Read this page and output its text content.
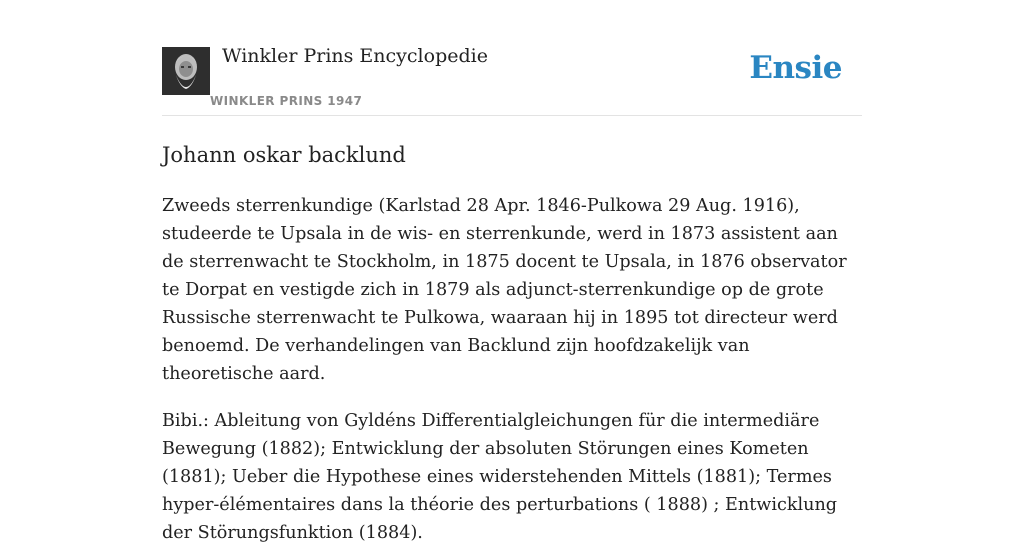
Winkler Prins Encyclopedie
WINKLER PRINS 1947
Ensie
Johann oskar backlund

Zweeds sterrenkundige (Karlstad 28 Apr. 1846-Pulkowa 29 Aug. 1916), studeerde te Upsala in de wis- en sterrenkunde, werd in 1873 assistent aan de sterrenwacht te Stockholm, in 1875 docent te Upsala, in 1876 observator te Dorpat en vestigde zich in 1879 als adjunct-sterrenkundige op de grote Russische sterrenwacht te Pulkowa, waaraan hij in 1895 tot directeur werd benoemd. De verhandelingen van Backlund zijn hoofdzakelijk van theoretische aard.

Bibi.: Ableitung von Gyldéns Differentialgleichungen für die intermediäre Bewegung (1882); Entwicklung der absoluten Störungen eines Kometen (1881); Ueber die Hypothese eines widerstehenden Mittels (1881); Termes hyper-élémentaires dans la théorie des perturbations ( 1888) ; Entwicklung der Störungsfunktion (1884).
